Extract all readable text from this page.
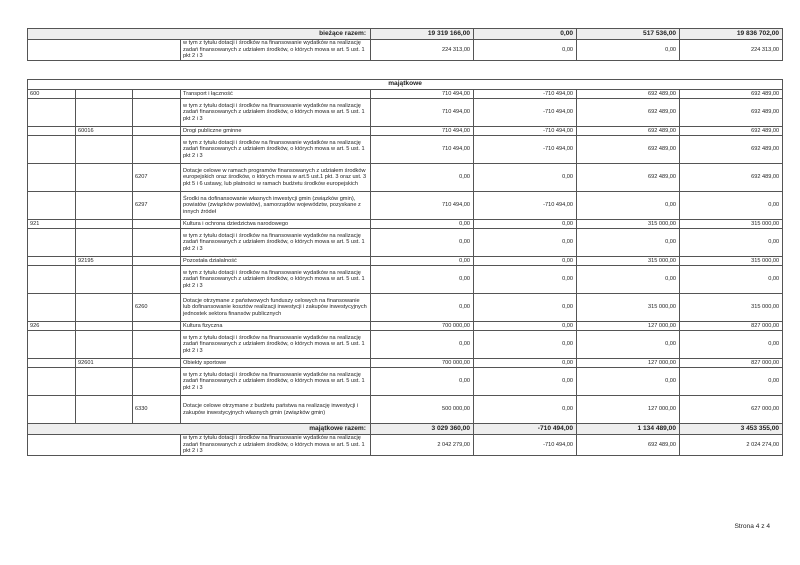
bieżące razem:		19 319 166,00	0,00	517 536,00	19 836 702,00
	w tym z tytułu dotacji i środków na finansowanie wydatków na realizację zadań finansowanych z udziałem środków, o których mowa w art. 5 ust. 1 pkt 2 i 3	224 313,00	0,00	0,00	224 313,00
majątkowe							
600			Transport i łączność	710 494,00	-710 494,00	692 489,00	692 489,00
			w tym z tytułu dotacji i środków na finansowanie wydatków na realizację zadań finansowanych z udziałem środków, o których mowa w art. 5 ust. 1 pkt 2 i 3	710 494,00	-710 494,00	692 489,00	692 489,00
	60016		Drogi publiczne gminne	710 494,00	-710 494,00	692 489,00	692 489,00
			w tym z tytułu dotacji i środków na finansowanie wydatków na realizację zadań finansowanych z udziałem środków, o których mowa w art. 5 ust. 1 pkt 2 i 3	710 494,00	-710 494,00	692 489,00	692 489,00
		6207	Dotacje celowe w ramach programów finansowanych z udziałem środków europejskich oraz środków, o których mowa w art.5 ust.1 pkt. 3 oraz ust. 3 pkt 5 i 6 ustawy, lub płatności w ramach budżetu środków europejskich	0,00	0,00	692 489,00	692 489,00
		6297	Środki na dofinansowanie własnych inwestycji gmin (związków gmin), powiatów (związków powiatów), samorządów województw, pozyskane z innych źródeł	710 494,00	-710 494,00	0,00	0,00
921			Kultura i ochrona dziedzictwa narodowego	0,00	0,00	315 000,00	315 000,00
			w tym z tytułu dotacji i środków na finansowanie wydatków na realizację zadań finansowanych z udziałem środków, o których mowa w art. 5 ust. 1 pkt 2 i 3	0,00	0,00	0,00	0,00
	92195		Pozostała działalność	0,00	0,00	315 000,00	315 000,00
			w tym z tytułu dotacji i środków na finansowanie wydatków na realizację zadań finansowanych z udziałem środków, o których mowa w art. 5 ust. 1 pkt 2 i 3	0,00	0,00	0,00	0,00
		6260	Dotacje otrzymane z państwowych funduszy celowych na finansowanie lub dofinansowanie kosztów realizacji inwestycji i zakupów inwestycyjnych jednostek sektora finansów publicznych	0,00	0,00	315 000,00	315 000,00
926			Kultura fizyczna	700 000,00	0,00	127 000,00	827 000,00
			w tym z tytułu dotacji i środków na finansowanie wydatków na realizację zadań finansowanych z udziałem środków, o których mowa w art. 5 ust. 1 pkt 2 i 3	0,00	0,00	0,00	0,00
	92601		Obiekty sportowe	700 000,00	0,00	127 000,00	827 000,00
			w tym z tytułu dotacji i środków na finansowanie wydatków na realizację zadań finansowanych z udziałem środków, o których mowa w art. 5 ust. 1 pkt 2 i 3	0,00	0,00	0,00	0,00
		6330	Dotacje celowe otrzymane z budżetu państwa na realizację inwestycji i zakupów inwestycyjnych własnych gmin (związków gmin)	500 000,00	0,00	127 000,00	627 000,00
majątkowe razem:				3 029 360,00	-710 494,00	1 134 489,00	3 453 355,00
			w tym z tytułu dotacji i środków na finansowanie wydatków na realizację zadań finansowanych z udziałem środków, o których mowa w art. 5 ust. 1 pkt 2 i 3	2 042 279,00	-710 494,00	692 489,00	2 024 274,00
Strona 4 z 4
